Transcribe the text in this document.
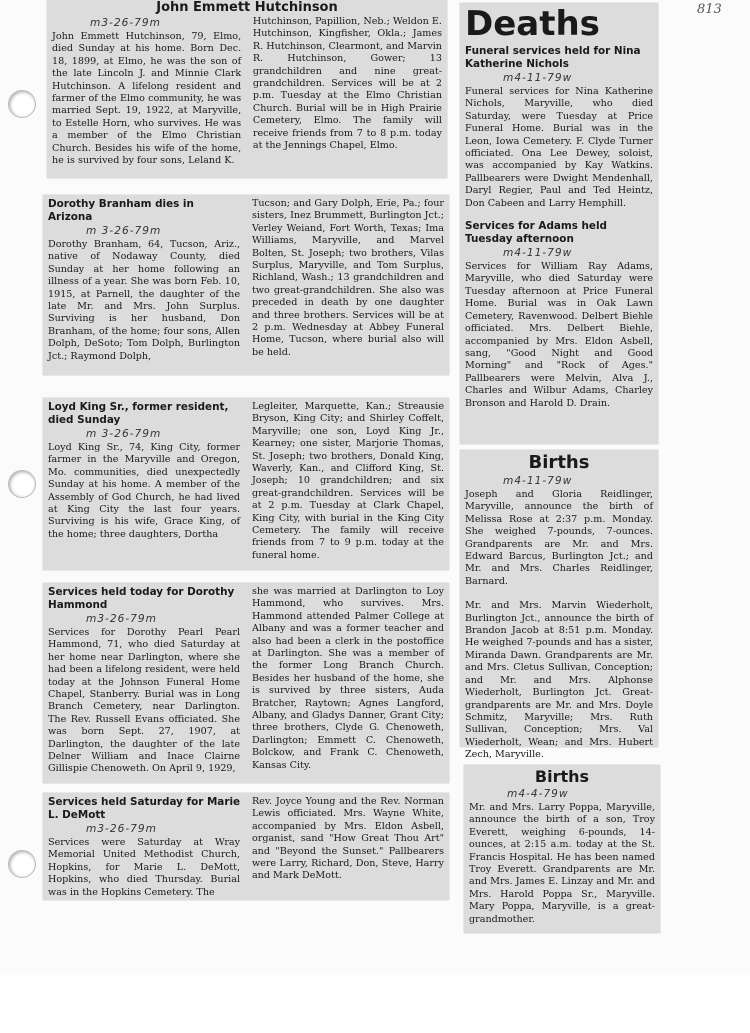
813
John Emmett Hutchinson
m3-26-79m
John Emmett Hutchinson, 79, Elmo, died Sunday at his home. Born Dec. 18, 1899, at Elmo, he was the son of the late Lincoln J. and Minnie Clark Hutchinson. A lifelong resident and farmer of the Elmo community, he was married Sept. 19, 1922, at Maryville, to Estelle Horn, who survives. He was a member of the Elmo Christian Church. Besides his wife of the home, he is survived by four sons, Leland K.
Hutchinson, Papillion, Neb.; Weldon E. Hutchinson, Kingfisher, Okla.; James R. Hutchinson, Clearmont, and Marvin R. Hutchinson, Gower; 13 grandchildren and nine great-grandchildren. Services will be at 2 p.m. Tuesday at the Elmo Christian Church. Burial will be in High Prairie Cemetery, Elmo. The family will receive friends from 7 to 8 p.m. today at the Jennings Chapel, Elmo.
Dorothy Branham dies in Arizona
m 3-26-79m
Dorothy Branham, 64, Tucson, Ariz., native of Nodaway County, died Sunday at her home following an illness of a year. She was born Feb. 10, 1915, at Parnell, the daughter of the late Mr. and Mrs. John Surplus. Surviving is her husband, Don Branham, of the home; four sons, Allen Dolph, DeSoto; Tom Dolph, Burlington Jct.; Raymond Dolph,
Tucson; and Gary Dolph, Erie, Pa.; four sisters, Inez Brummett, Burlington Jct.; Verley Weiand, Fort Worth, Texas; Ima Williams, Maryville, and Marvel Bolten, St. Joseph; two brothers, Vilas Surplus, Maryville, and Tom Surplus, Richland, Wash.; 13 grandchildren and two great-grandchildren. She also was preceded in death by one daughter and three brothers. Services will be at 2 p.m. Wednesday at Abbey Funeral Home, Tucson, where burial also will be held.
Loyd King Sr., former resident, died Sunday
m 3-26-79m
Loyd King Sr., 74, King City, former farmer in the Maryville and Oregon, Mo. communities, died unexpectedly Sunday at his home. A member of the Assembly of God Church, he had lived at King City the last four years. Surviving is his wife, Grace King, of the home; three daughters, Dortha
Legleiter, Marquette, Kan.; Streausie Bryson, King City; and Shirley Coffelt, Maryville; one son, Loyd King Jr., Kearney; one sister, Marjorie Thomas, St. Joseph; two brothers, Donald King, Waverly, Kan., and Clifford King, St. Joseph; 10 grandchildren; and six great-grandchildren. Services will be at 2 p.m. Tuesday at Clark Chapel, King City, with burial in the King City Cemetery. The family will receive friends from 7 to 9 p.m. today at the funeral home.
Services held today for Dorothy Hammond
m3-26-79m
Services for Dorothy Pearl Pearl Hammond, 71, who died Saturday at her home near Darlington, where she had been a lifelong resident, were held today at the Johnson Funeral Home Chapel, Stanberry. Burial was in Long Branch Cemetery, near Darlington. The Rev. Russell Evans officiated. She was born Sept. 27, 1907, at Darlington, the daughter of the late Delner William and Inace Clairne Gillispie Chenoweth. On April 9, 1929,
she was married at Darlington to Loy Hammond, who survives. Mrs. Hammond attended Palmer College at Albany and was a former teacher and also had been a clerk in the postoffice at Darlington. She was a member of the former Long Branch Church. Besides her husband of the home, she is survived by three sisters, Auda Bratcher, Raytown; Agnes Langford, Albany, and Gladys Danner, Grant City; three brothers, Clyde G. Chenoweth, Darlington; Emmett C. Chenoweth, Bolckow, and Frank C. Chenoweth, Kansas City.
Services held Saturday for Marie L. DeMott
m3-26-79m
Services were Saturday at Wray Memorial United Methodist Church, Hopkins, for Marie L. DeMott, Hopkins, who died Thursday. Burial was in the Hopkins Cemetery. The
Rev. Joyce Young and the Rev. Norman Lewis officiated. Mrs. Wayne White, accompanied by Mrs. Eldon Asbell, organist, sand "How Great Thou Art" and "Beyond the Sunset." Pallbearers were Larry, Richard, Don, Steve, Harry and Mark DeMott.
Deaths
Funeral services held for Nina Katherine Nichols
m4-11-79w
Funeral services for Nina Katherine Nichols, Maryville, who died Saturday, were Tuesday at Price Funeral Home. Burial was in the Leon, Iowa Cemetery. F. Clyde Turner officiated. Ona Lee Dewey, soloist, was accompanied by Kay Watkins. Pallbearers were Dwight Mendenhall, Daryl Regier, Paul and Ted Heintz, Don Cabeen and Larry Hemphill.
Services for Adams held Tuesday afternoon
m4-11-79w
Services for William Ray Adams, Maryville, who died Saturday were Tuesday afternoon at Price Funeral Home. Burial was in Oak Lawn Cemetery, Ravenwood. Delbert Biehle officiated. Mrs. Delbert Biehle, accompanied by Mrs. Eldon Asbell, sang, "Good Night and Good Morning" and "Rock of Ages." Pallbearers were Melvin, Alva J., Charles and Wilbur Adams, Charley Bronson and Harold D. Drain.
Births
m4-11-79w
Joseph and Gloria Reidlinger, Maryville, announce the birth of Melissa Rose at 2:37 p.m. Monday. She weighed 7-pounds, 7-ounces. Grandparents are Mr. and Mrs. Edward Barcus, Burlington Jct.; and Mr. and Mrs. Charles Reidlinger, Barnard.
Mr. and Mrs. Marvin Wiederholt, Burlington Jct., announce the birth of Brandon Jacob at 8:51 p.m. Monday. He weighed 7-pounds and has a sister, Miranda Dawn. Grandparents are Mr. and Mrs. Cletus Sullivan, Conception; and Mr. and Mrs. Alphonse Wiederholt, Burlington Jct. Great-grandparents are Mr. and Mrs. Doyle Schmitz, Maryville; Mrs. Ruth Sullivan, Conception; Mrs. Val Wiederholt, Wean; and Mrs. Hubert Zech, Maryville.
Births
m4-4-79w
Mr. and Mrs. Larry Poppa, Maryville, announce the birth of a son, Troy Everett, weighing 6-pounds, 14-ounces, at 2:15 a.m. today at the St. Francis Hospital. He has been named Troy Everett. Grandparents are Mr. and Mrs. James E. Linzay and Mr. and Mrs. Harold Poppa Sr., Maryville. Mary Poppa, Maryville, is a great-grandmother.
